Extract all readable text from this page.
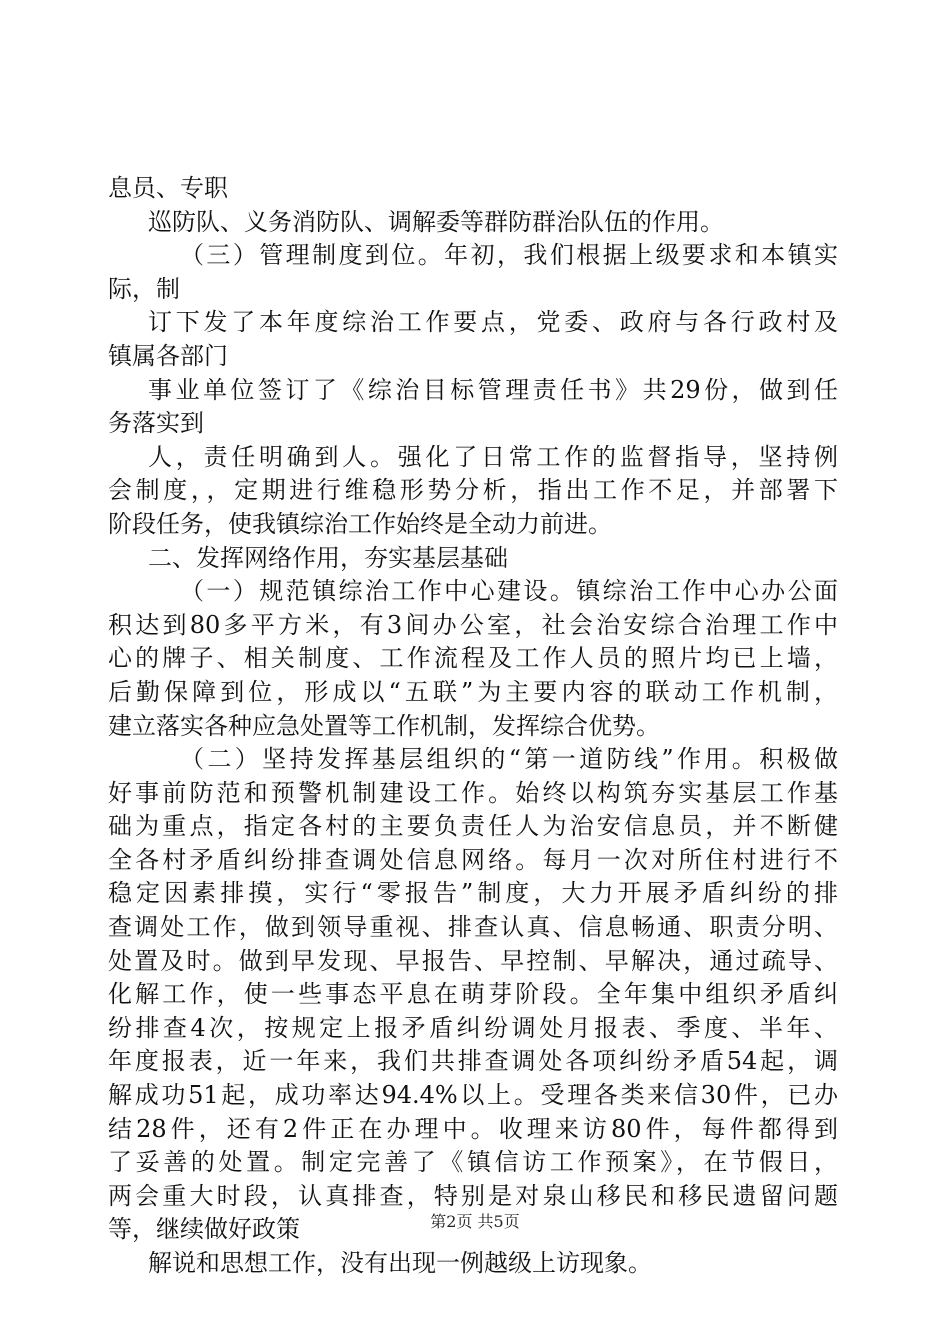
息员、专职
巡防队、义务消防队、调解委等群防群治队伍的作用。
（三）管理制度到位。年初，我们根据上级要求和本镇实
际，制
订下发了本年度综治工作要点，党委、政府与各行政村及
镇属各部门
事业单位签订了《综治目标管理责任书》共29份，做到任
务落实到
人，责任明确到人。强化了日常工作的监督指导，坚持例
会制度，，定期进行维稳形势分析，指出工作不足，并部署下
阶段任务，使我镇综治工作始终是全动力前进。
二、发挥网络作用，夯实基层基础
（一）规范镇综治工作中心建设。镇综治工作中心办公面
积达到80多平方米，有3间办公室，社会治安综合治理工作中
心的牌子、相关制度、工作流程及工作人员的照片均已上墙，
后勤保障到位，形成以“五联”为主要内容的联动工作机制，
建立落实各种应急处置等工作机制，发挥综合优势。
（二）坚持发挥基层组织的“第一道防线”作用。积极做
好事前防范和预警机制建设工作。始终以构筑夯实基层工作基
础为重点，指定各村的主要负责任人为治安信息员，并不断健
全各村矛盾纠纷排查调处信息网络。每月一次对所住村进行不
稳定因素排摸，实行“零报告”制度，大力开展矛盾纠纷的排
查调处工作，做到领导重视、排查认真、信息畅通、职责分明、
处置及时。做到早发现、早报告、早控制、早解决，通过疏导、
化解工作，使一些事态平息在萌芽阶段。全年集中组织矛盾纠
纷排查4次，按规定上报矛盾纠纷调处月报表、季度、半年、
年度报表，近一年来，我们共排查调处各项纠纷矛盾54起，调
解成功51起，成功率达94.4%以上。受理各类来信30件，已办
结28件，还有2件正在办理中。收理来访80件，每件都得到
了妥善的处置。制定完善了《镇信访工作预案》，在节假日，
两会重大时段，认真排查，特别是对泉山移民和移民遗留问题
等，继续做好政策
解说和思想工作，没有出现一例越级上访现象。
第2页 共5页
